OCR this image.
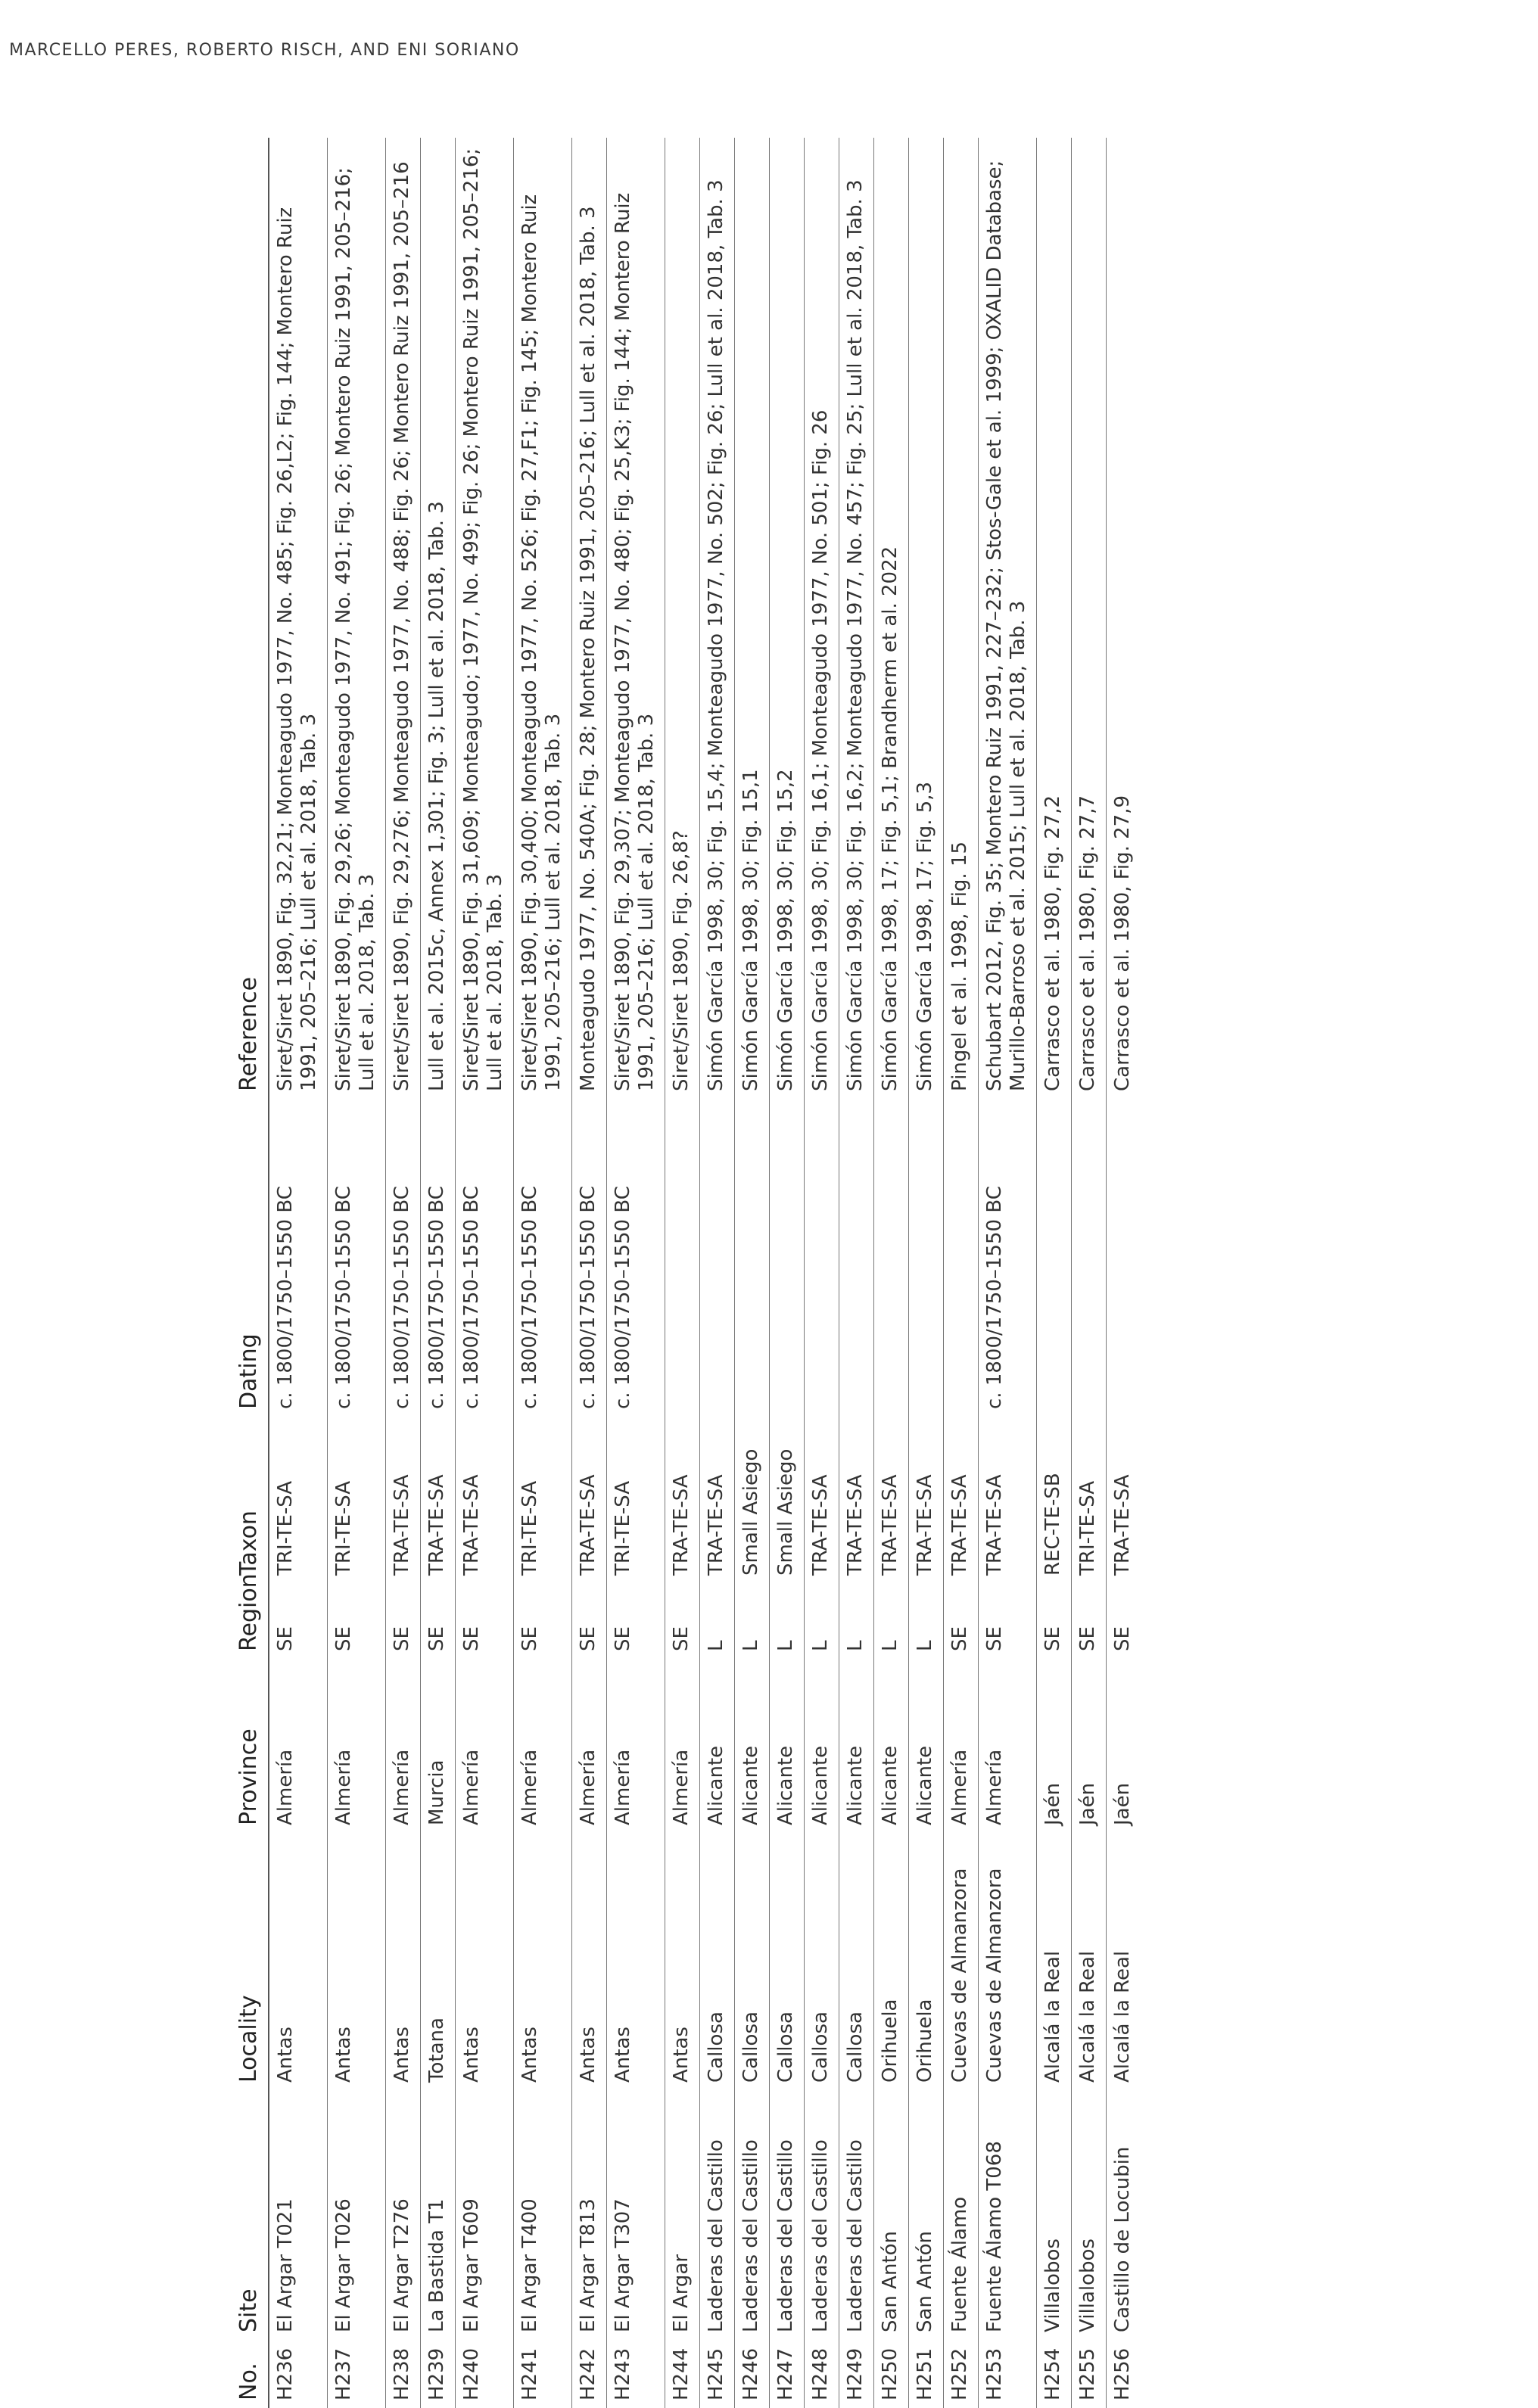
MARCELLO PERES, ROBERTO RISCH, AND ENI SORIANO
No.	Site	Locality	Province	Region	Taxon	Dating	Reference
H236	El Argar T021	Antas	Almería	SE	TRI-TE-SA	c. 1800/1750–1550 BC	Siret/Siret 1890, Fig. 32,21; Monteagudo 1977, No. 485; Fig. 26,L2; Fig. 144; Montero Ruiz 1991, 205–216; Lull et al. 2018, Tab. 3
H237	El Argar T026	Antas	Almería	SE	TRI-TE-SA	c. 1800/1750–1550 BC	Siret/Siret 1890, Fig. 29,26; Monteagudo 1977, No. 491; Fig. 26; Montero Ruiz 1991, 205–216; Lull et al. 2018, Tab. 3
H238	El Argar T276	Antas	Almería	SE	TRA-TE-SA	c. 1800/1750–1550 BC	Siret/Siret 1890, Fig. 29,276; Monteagudo 1977, No. 488; Fig. 26; Montero Ruiz 1991, 205–216
H239	La Bastida T1	Totana	Murcia	SE	TRA-TE-SA	c. 1800/1750–1550 BC	Lull et al. 2015c, Annex 1,301; Fig. 3; Lull et al. 2018, Tab. 3
H240	El Argar T609	Antas	Almería	SE	TRA-TE-SA	c. 1800/1750–1550 BC	Siret/Siret 1890, Fig. 31,609; Monteagudo; 1977, No. 499; Fig. 26; Montero Ruiz 1991, 205–216; Lull et al. 2018, Tab. 3
H241	El Argar T400	Antas	Almería	SE	TRI-TE-SA	c. 1800/1750–1550 BC	Siret/Siret 1890, Fig. 30,400; Monteagudo 1977, No. 526; Fig. 27,F1; Fig. 145; Montero Ruiz 1991, 205–216; Lull et al. 2018, Tab. 3
H242	El Argar T813	Antas	Almería	SE	TRA-TE-SA	c. 1800/1750–1550 BC	Monteagudo 1977, No. 540A; Fig. 28; Montero Ruiz 1991, 205–216; Lull et al. 2018, Tab. 3
H243	El Argar T307	Antas	Almería	SE	TRI-TE-SA	c. 1800/1750–1550 BC	Siret/Siret 1890, Fig. 29,307; Monteagudo 1977, No. 480; Fig. 25,K3; Fig. 144; Montero Ruiz 1991, 205–216; Lull et al. 2018, Tab. 3
H244	El Argar	Antas	Almería	SE	TRA-TE-SA		Siret/Siret 1890, Fig. 26,8?
H245	Laderas del Castillo	Callosa	Alicante	L	TRA-TE-SA		Simón García 1998, 30; Fig. 15,4; Monteagudo 1977, No. 502; Fig. 26; Lull et al. 2018, Tab. 3
H246	Laderas del Castillo	Callosa	Alicante	L	Small Asiego		Simón García 1998, 30; Fig. 15,1
H247	Laderas del Castillo	Callosa	Alicante	L	Small Asiego		Simón García 1998, 30; Fig. 15,2
H248	Laderas del Castillo	Callosa	Alicante	L	TRA-TE-SA		Simón García 1998, 30; Fig. 16,1; Monteagudo 1977, No. 501; Fig. 26
H249	Laderas del Castillo	Callosa	Alicante	L	TRA-TE-SA		Simón García 1998, 30; Fig. 16,2; Monteagudo 1977, No. 457; Fig. 25; Lull et al. 2018, Tab. 3
H250	San Antón	Orihuela	Alicante	L	TRA-TE-SA		Simón García 1998, 17; Fig. 5,1; Brandherm et al. 2022
H251	San Antón	Orihuela	Alicante	L	TRA-TE-SA		Simón García 1998, 17; Fig. 5,3
H252	Fuente Álamo	Cuevas de Almanzora	Almería	SE	TRA-TE-SA		Pingel et al. 1998, Fig. 15
H253	Fuente Álamo T068	Cuevas de Almanzora	Almería	SE	TRA-TE-SA	c. 1800/1750–1550 BC	Schubart 2012, Fig. 35; Montero Ruiz 1991, 227–232; Stos-Gale et al. 1999; OXALID Database; Murillo-Barroso et al. 2015; Lull et al. 2018, Tab. 3
H254	Villalobos	Alcalá la Real	Jaén	SE	REC-TE-SB		Carrasco et al. 1980, Fig. 27,2
H255	Villalobos	Alcalá la Real	Jaén	SE	TRI-TE-SA		Carrasco et al. 1980, Fig. 27,7
H256	Castillo de Locubin	Alcalá la Real	Jaén	SE	TRA-TE-SA		Carrasco et al. 1980, Fig. 27,9
